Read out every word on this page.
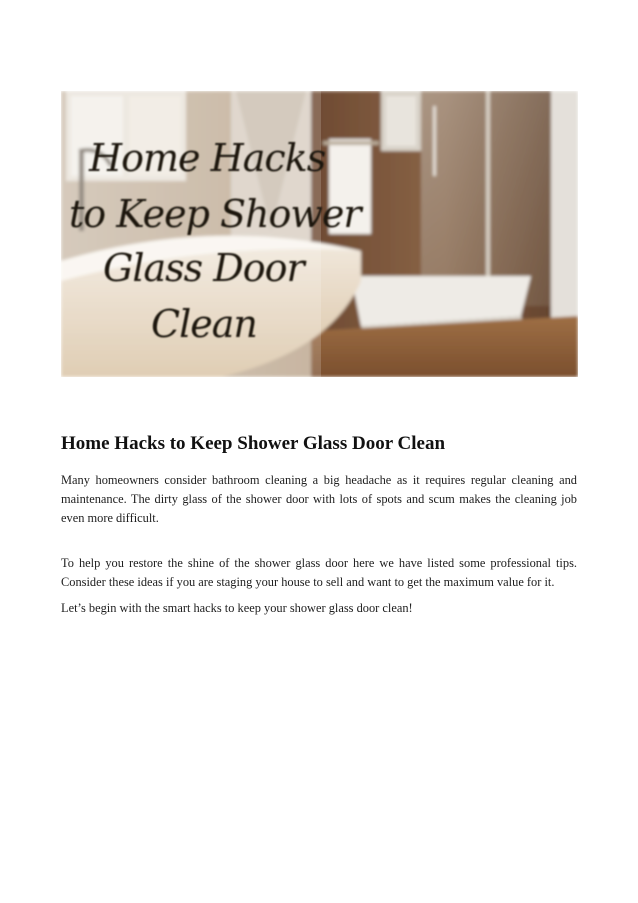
Home Hacks
to Keep Shower
Glass Door
Clean
Home Hacks to Keep Shower Glass Door Clean

Many homeowners consider bathroom cleaning a big headache as it requires regular cleaning and maintenance. The dirty glass of the shower door with lots of spots and scum makes the cleaning job even more difficult.

To help you restore the shine of the shower glass door here we have listed some professional tips. Consider these ideas if you are staging your house to sell and want to get the maximum value for it.

Let’s begin with the smart hacks to keep your shower glass door clean!
